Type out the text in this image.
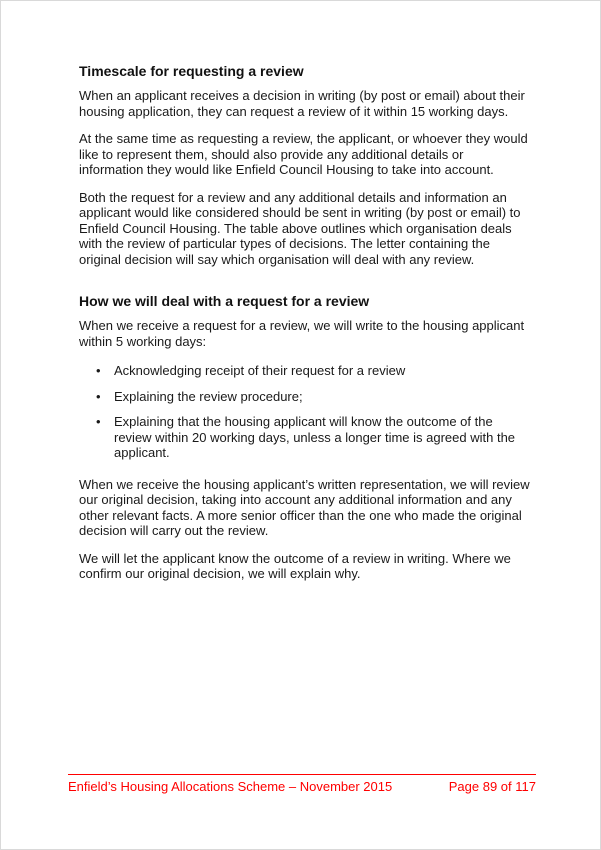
Timescale for requesting a review

When an applicant receives a decision in writing (by post or email) about their housing application, they can request a review of it within 15 working days.

At the same time as requesting a review, the applicant, or whoever they would like to represent them, should also provide any additional details or information they would like Enfield Council Housing to take into account.

Both the request for a review and any additional details and information an applicant would like considered should be sent in writing (by post or email) to Enfield Council Housing. The table above outlines which organisation deals with the review of particular types of decisions. The letter containing the original decision will say which organisation will deal with any review.

How we will deal with a request for a review

When we receive a request for a review, we will write to the housing applicant within 5 working days:

•	Acknowledging receipt of their request for a review
•	Explaining the review procedure;
•	Explaining that the housing applicant will know the outcome of the review within 20 working days, unless a longer time is agreed with the applicant.

When we receive the housing applicant’s written representation, we will review our original decision, taking into account any additional information and any other relevant facts. A more senior officer than the one who made the original decision will carry out the review.

We will let the applicant know the outcome of a review in writing. Where we confirm our original decision, we will explain why.

Enfield’s Housing Allocations Scheme – November 2015	Page 89 of 117
